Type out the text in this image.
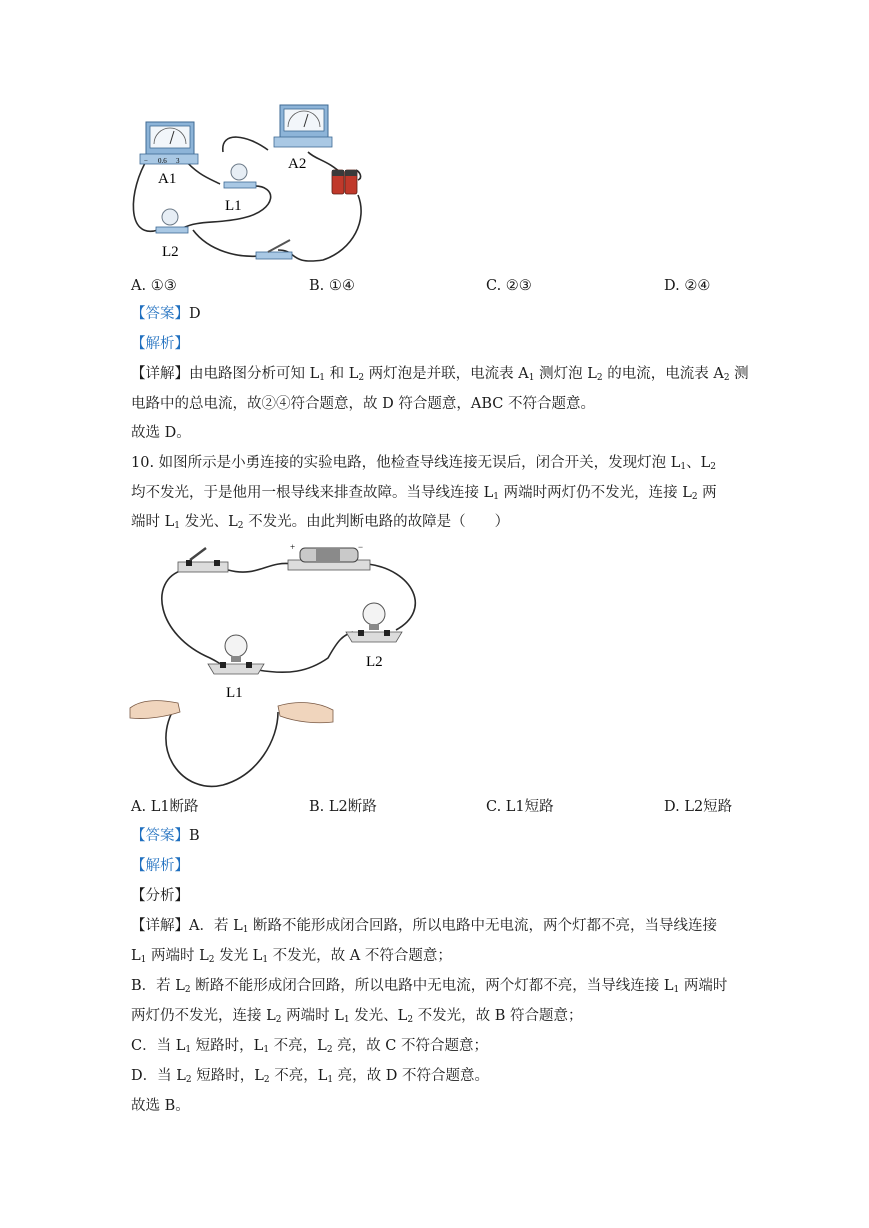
− 0.6 3
A1
A2
L1
L2
A. ①③	B. ①④	C. ②③	D. ②④
【答案】D
【解析】
【详解】由电路图分析可知 $L_1$ 和 $L_2$ 两灯泡是并联，电流表 $A_1$ 测灯泡 $L_2$ 的电流，电流表 $A_2$ 测
电路中的总电流，故②④符合题意，故 D 符合题意，ABC 不符合题意。
故选 D。
10. 如图所示是小勇连接的实验电路，他检查导线连接无误后，闭合开关，发现灯泡 $L_1$、$L_2$
均不发光，于是他用一根导线来排查故障。当导线连接 $L_1$ 两端时两灯仍不发光，连接 $L_2$ 两
端时 $L_1$ 发光、$L_2$ 不发光。由此判断电路的故障是（　　）
+	−
L1
L2
A. L1断路	B. L2断路	C. L1短路	D. L2短路
【答案】B
【解析】
【分析】
【详解】A．若 $L_1$ 断路不能形成闭合回路，所以电路中无电流，两个灯都不亮，当导线连接
$L_1$ 两端时 $L_2$ 发光 $L_1$ 不发光，故 A 不符合题意；
B．若 $L_2$ 断路不能形成闭合回路，所以电路中无电流，两个灯都不亮，当导线连接 $L_1$ 两端时
两灯仍不发光，连接 $L_2$ 两端时 $L_1$ 发光、$L_2$ 不发光，故 B 符合题意；
C．当 $L_1$ 短路时，$L_1$ 不亮，$L_2$ 亮，故 C 不符合题意；
D．当 $L_2$ 短路时，$L_2$ 不亮，$L_1$ 亮，故 D 不符合题意。
故选 B。
